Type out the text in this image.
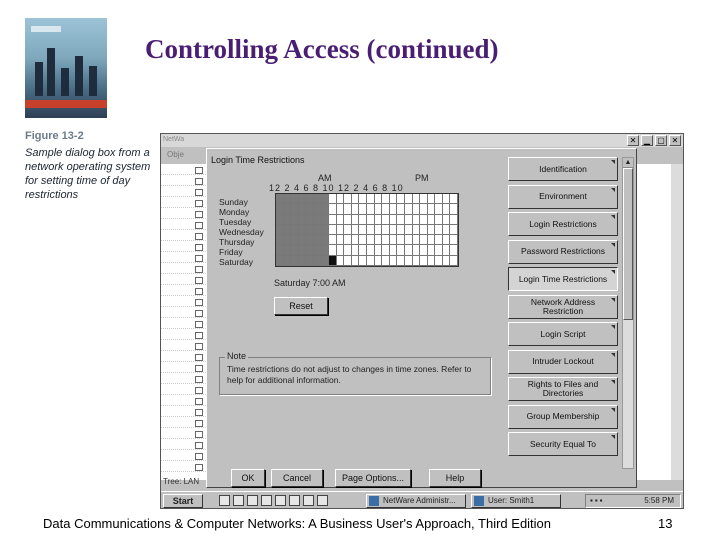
Controlling Access (continued)
Figure 13-2
Sample dialog box from a network operating system for setting time of day restrictions
NetWa	✕ ▁ ▢ ✕
Obje
Login Time Restrictions
AM	PM
12 2 4 6 8 10 12 2 4 6 8 10
Sunday
Monday
Tuesday
Wednesday
Thursday
Friday
Saturday
Saturday 7:00 AM
Reset
Note
Time restrictions do not adjust to changes in time zones. Refer to help for additional information.
Identification
Environment
Login Restrictions
Password Restrictions
Login Time Restrictions
Network Address Restriction
Login Script
Intruder Lockout
Rights to Files and Directories
Group Membership
Security Equal To
▲
OK	Cancel	Page Options...	Help
Tree: LAN
Start	NetWare Administr...	User: Smith1	▪▪▪	5:58 PM
Data Communications & Computer Networks: A Business User's Approach, Third Edition	13
